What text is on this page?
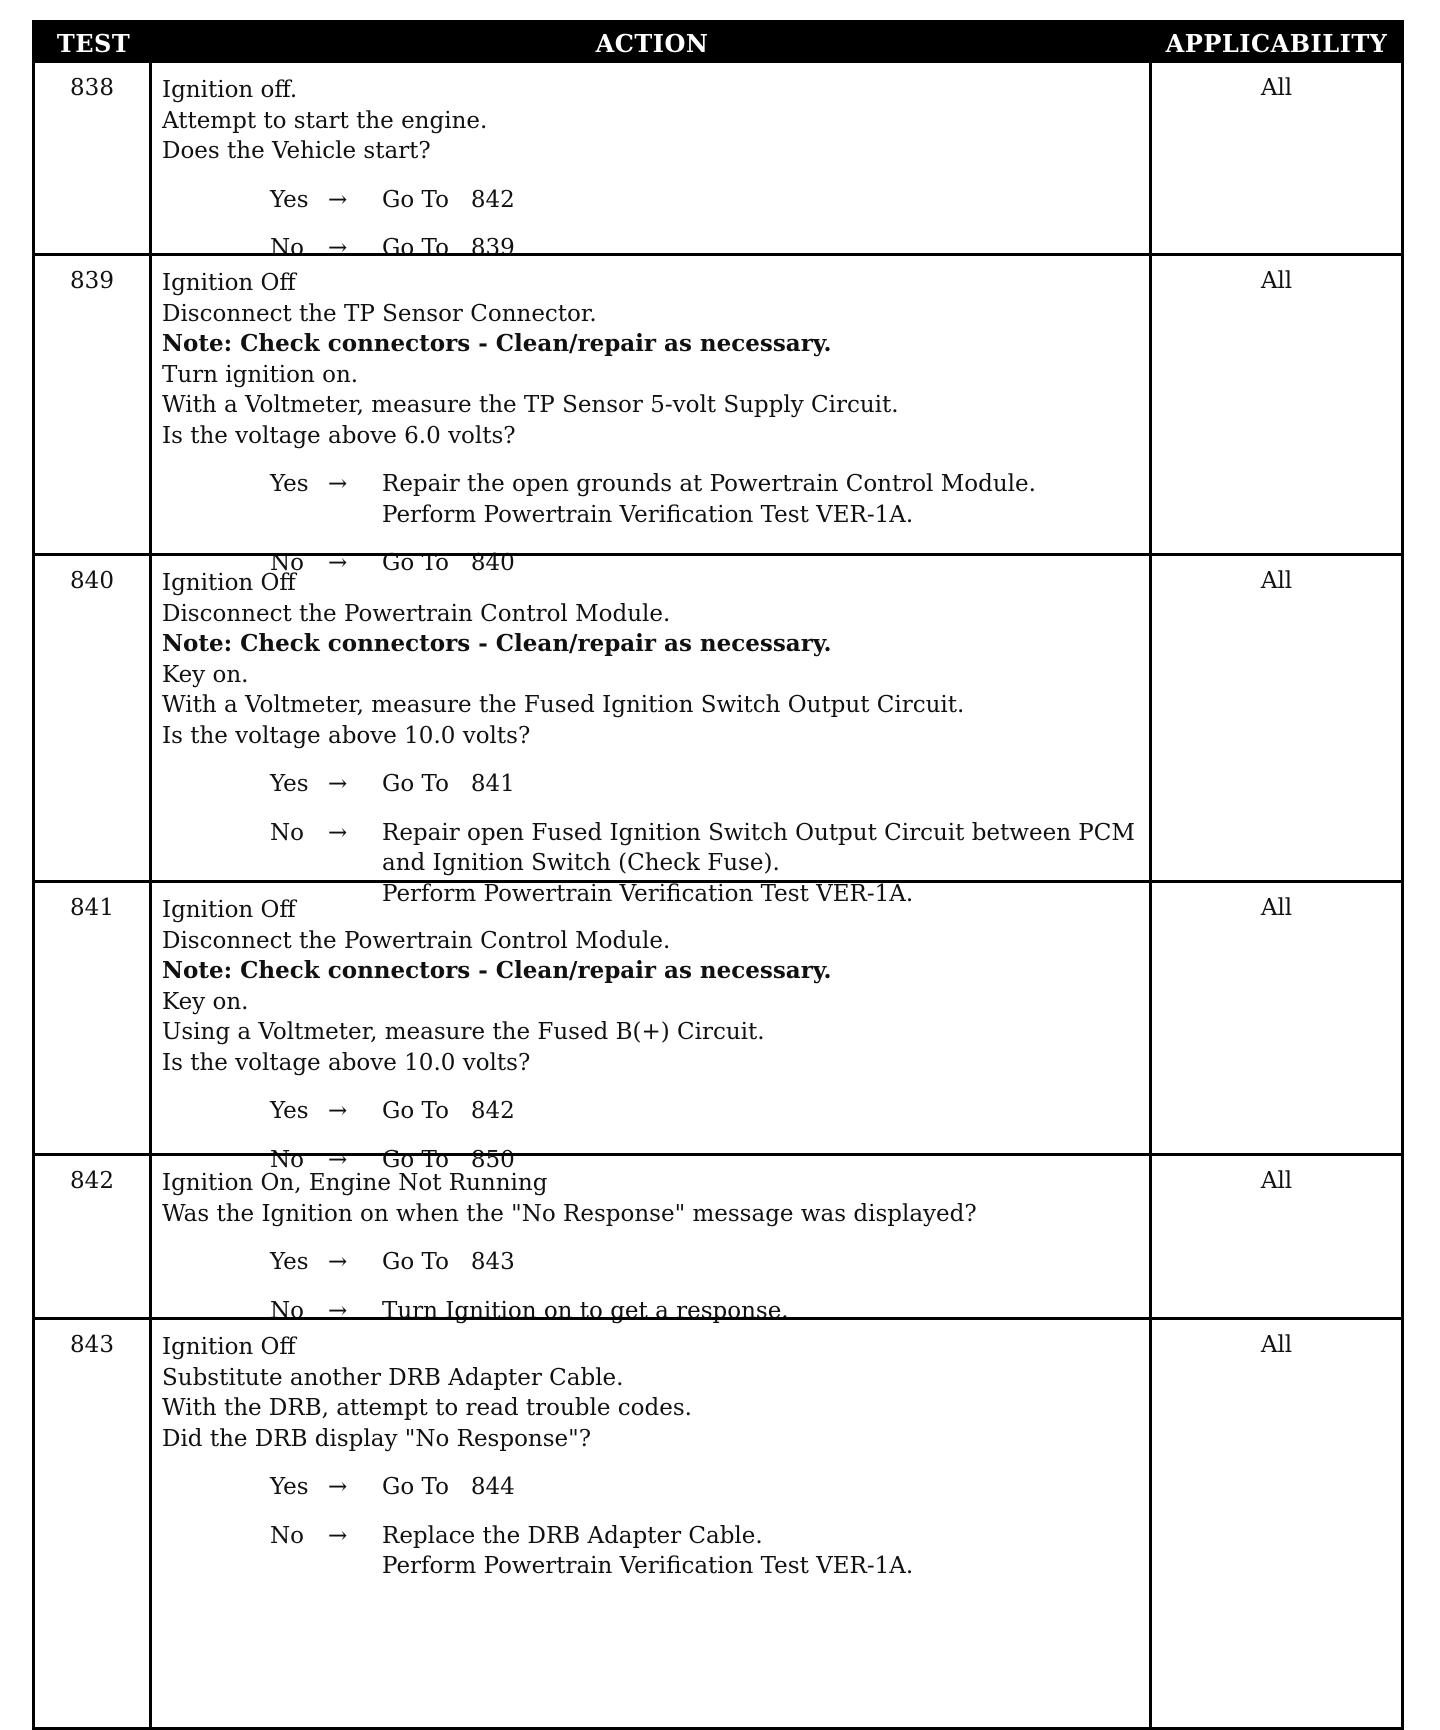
TEST	ACTION	APPLICABILITY
838	Ignition off.
Attempt to start the engine.
Does the Vehicle start?
Yes →	Go To   842
No	→	Go To   839
All
839	Ignition Off
Disconnect the TP Sensor Connector.
Note: Check connectors - Clean/repair as necessary.
Turn ignition on.
With a Voltmeter, measure the TP Sensor 5-volt Supply Circuit.
Is the voltage above 6.0 volts?
Yes →	Repair the open grounds at Powertrain Control Module.
Perform Powertrain Verification Test VER-1A.
No	→	Go To   840
All
840	Ignition Off
Disconnect the Powertrain Control Module.
Note: Check connectors - Clean/repair as necessary.
Key on.
With a Voltmeter, measure the Fused Ignition Switch Output Circuit.
Is the voltage above 10.0 volts?
Yes →	Go To   841
No	→	Repair open Fused Ignition Switch Output Circuit between PCM
and Ignition Switch (Check Fuse).
Perform Powertrain Verification Test VER-1A.
All
841	Ignition Off
Disconnect the Powertrain Control Module.
Note: Check connectors - Clean/repair as necessary.
Key on.
Using a Voltmeter, measure the Fused B(+) Circuit.
Is the voltage above 10.0 volts?
Yes →	Go To   842
No	→	Go To   850
All
842	Ignition On, Engine Not Running
Was the Ignition on when the "No Response" message was displayed?
Yes →	Go To   843
No	→	Turn Ignition on to get a response.
All
843	Ignition Off
Substitute another DRB Adapter Cable.
With the DRB, attempt to read trouble codes.
Did the DRB display "No Response"?
Yes →	Go To   844
No	→	Replace the DRB Adapter Cable.
Perform Powertrain Verification Test VER-1A.
All
